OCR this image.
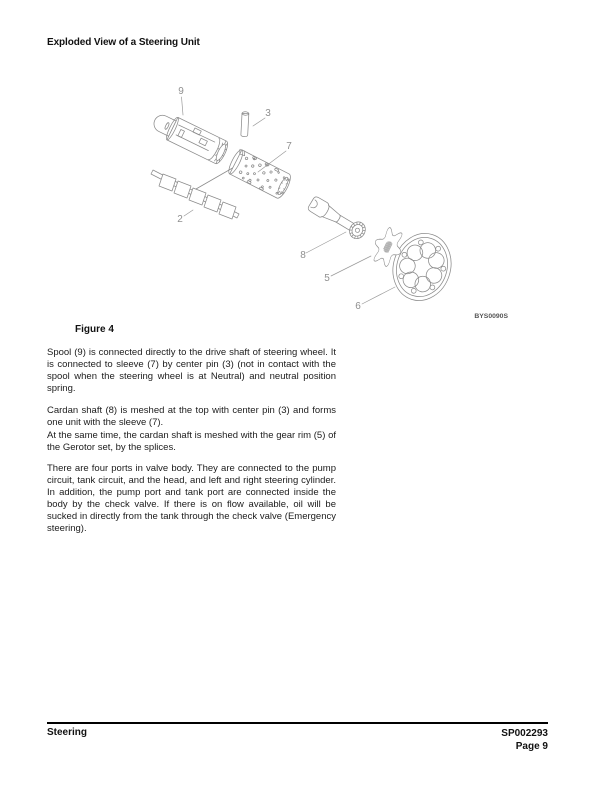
Exploded View of a Steering Unit
9
3
7
2
8
5
6
BYS0090S
Figure 4

Spool (9) is connected directly to the drive shaft of steering wheel. It is connected to sleeve (7) by center pin (3) (not in contact with the spool when the steering wheel is at Neutral) and neutral position spring.

Cardan shaft (8) is meshed at the top with center pin (3) and forms one unit with the sleeve (7).

At the same time, the cardan shaft is meshed with the gear rim (5) of the Gerotor set, by the splices.

There are four ports in valve body. They are connected to the pump circuit, tank circuit, and the head, and left and right steering cylinder. In addition, the pump port and tank port are connected inside the body by the check valve. If there is on flow available, oil will be sucked in directly from the tank through the check valve (Emergency steering).

Steering	SP002293
Page 9
